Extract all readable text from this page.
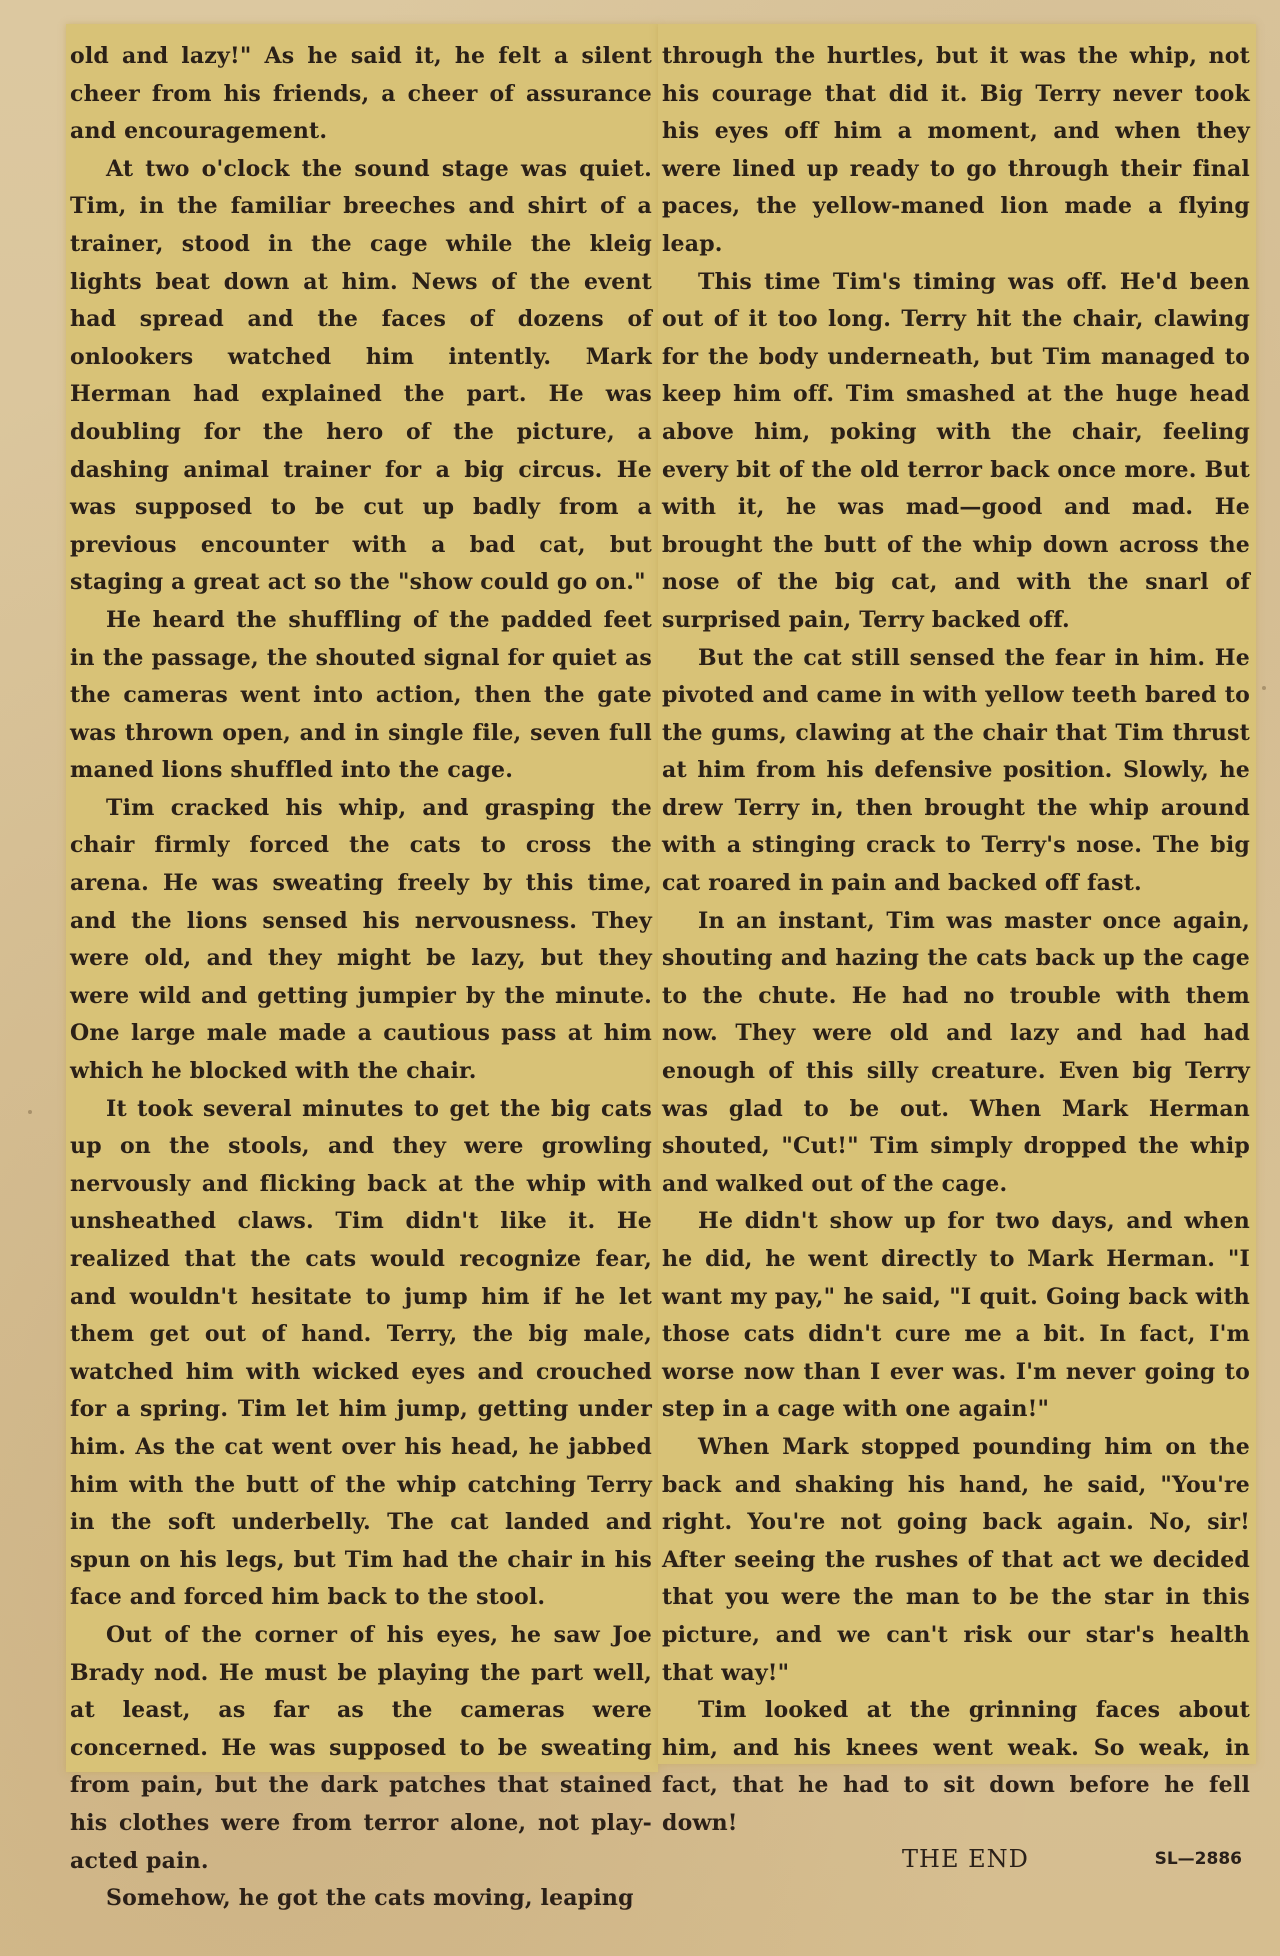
old and lazy!" As he said it, he felt a silent cheer from his friends, a cheer of assurance and encouragement.

At two o'clock the sound stage was quiet. Tim, in the familiar breeches and shirt of a trainer, stood in the cage while the kleig lights beat down at him. News of the event had spread and the faces of dozens of onlookers watched him intently. Mark Herman had explained the part. He was doubling for the hero of the picture, a dashing animal trainer for a big circus. He was supposed to be cut up badly from a previous encounter with a bad cat, but staging a great act so the "show could go on."

He heard the shuffling of the padded feet in the passage, the shouted signal for quiet as the cameras went into action, then the gate was thrown open, and in single file, seven full maned lions shuffled into the cage.

Tim cracked his whip, and grasping the chair firmly forced the cats to cross the arena. He was sweating freely by this time, and the lions sensed his nervousness. They were old, and they might be lazy, but they were wild and getting jumpier by the minute. One large male made a cautious pass at him which he blocked with the chair.

It took several minutes to get the big cats up on the stools, and they were growling nervously and flicking back at the whip with unsheathed claws. Tim didn't like it. He realized that the cats would recognize fear, and wouldn't hesitate to jump him if he let them get out of hand. Terry, the big male, watched him with wicked eyes and crouched for a spring. Tim let him jump, getting under him. As the cat went over his head, he jabbed him with the butt of the whip catching Terry in the soft underbelly. The cat landed and spun on his legs, but Tim had the chair in his face and forced him back to the stool.

Out of the corner of his eyes, he saw Joe Brady nod. He must be playing the part well, at least, as far as the cameras were concerned. He was supposed to be sweating from pain, but the dark patches that stained his clothes were from terror alone, not play-acted pain.

Somehow, he got the cats moving, leaping

through the hurtles, but it was the whip, not his courage that did it. Big Terry never took his eyes off him a moment, and when they were lined up ready to go through their final paces, the yellow-maned lion made a flying leap.

This time Tim's timing was off. He'd been out of it too long. Terry hit the chair, clawing for the body underneath, but Tim managed to keep him off. Tim smashed at the huge head above him, poking with the chair, feeling every bit of the old terror back once more. But with it, he was mad—good and mad. He brought the butt of the whip down across the nose of the big cat, and with the snarl of surprised pain, Terry backed off.

But the cat still sensed the fear in him. He pivoted and came in with yellow teeth bared to the gums, clawing at the chair that Tim thrust at him from his defensive position. Slowly, he drew Terry in, then brought the whip around with a stinging crack to Terry's nose. The big cat roared in pain and backed off fast.

In an instant, Tim was master once again, shouting and hazing the cats back up the cage to the chute. He had no trouble with them now. They were old and lazy and had had enough of this silly creature. Even big Terry was glad to be out. When Mark Herman shouted, "Cut!" Tim simply dropped the whip and walked out of the cage.

He didn't show up for two days, and when he did, he went directly to Mark Herman. "I want my pay," he said, "I quit. Going back with those cats didn't cure me a bit. In fact, I'm worse now than I ever was. I'm never going to step in a cage with one again!"

When Mark stopped pounding him on the back and shaking his hand, he said, "You're right. You're not going back again. No, sir! After seeing the rushes of that act we decided that you were the man to be the star in this picture, and we can't risk our star's health that way!"

Tim looked at the grinning faces about him, and his knees went weak. So weak, in fact, that he had to sit down before he fell down!

THE END	SL—2886
